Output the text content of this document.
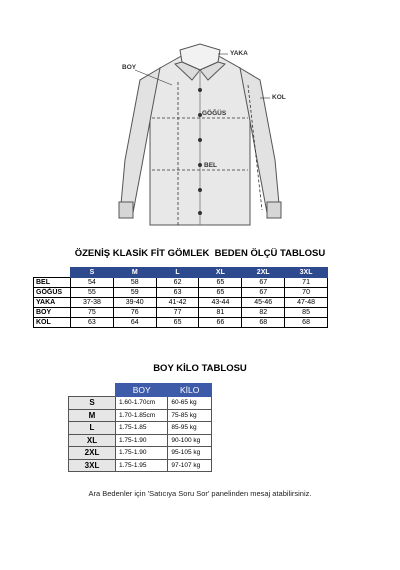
YAKA
BOY
KOL
GÖĞÜS
BEL
ÖZENİŞ KLASİK FİT GÖMLEK  BEDEN ÖLÇÜ TABLOSU
	S	M	L	XL	2XL	3XL
BEL	54	58	62	65	67	71
GÖĞÜS	55	59	63	65	67	70
YAKA	37-38	39-40	41-42	43-44	45-46	47-48
BOY	75	76	77	81	82	85
KOL	63	64	65	66	68	68
BOY KİLO TABLOSU
	BOY	KİLO
S	1.60-1.70cm	60-65 kg
M	1.70-1.85cm	75-85 kg
L	1.75-1.85	85-95 kg
XL	1.75-1.90	90-100 kg
2XL	1.75-1.90	95-105 kg
3XL	1.75-1.95	97-107 kg
Ara Bedenler için 'Satıcıya Soru Sor' panelinden mesaj atabilirsiniz.
